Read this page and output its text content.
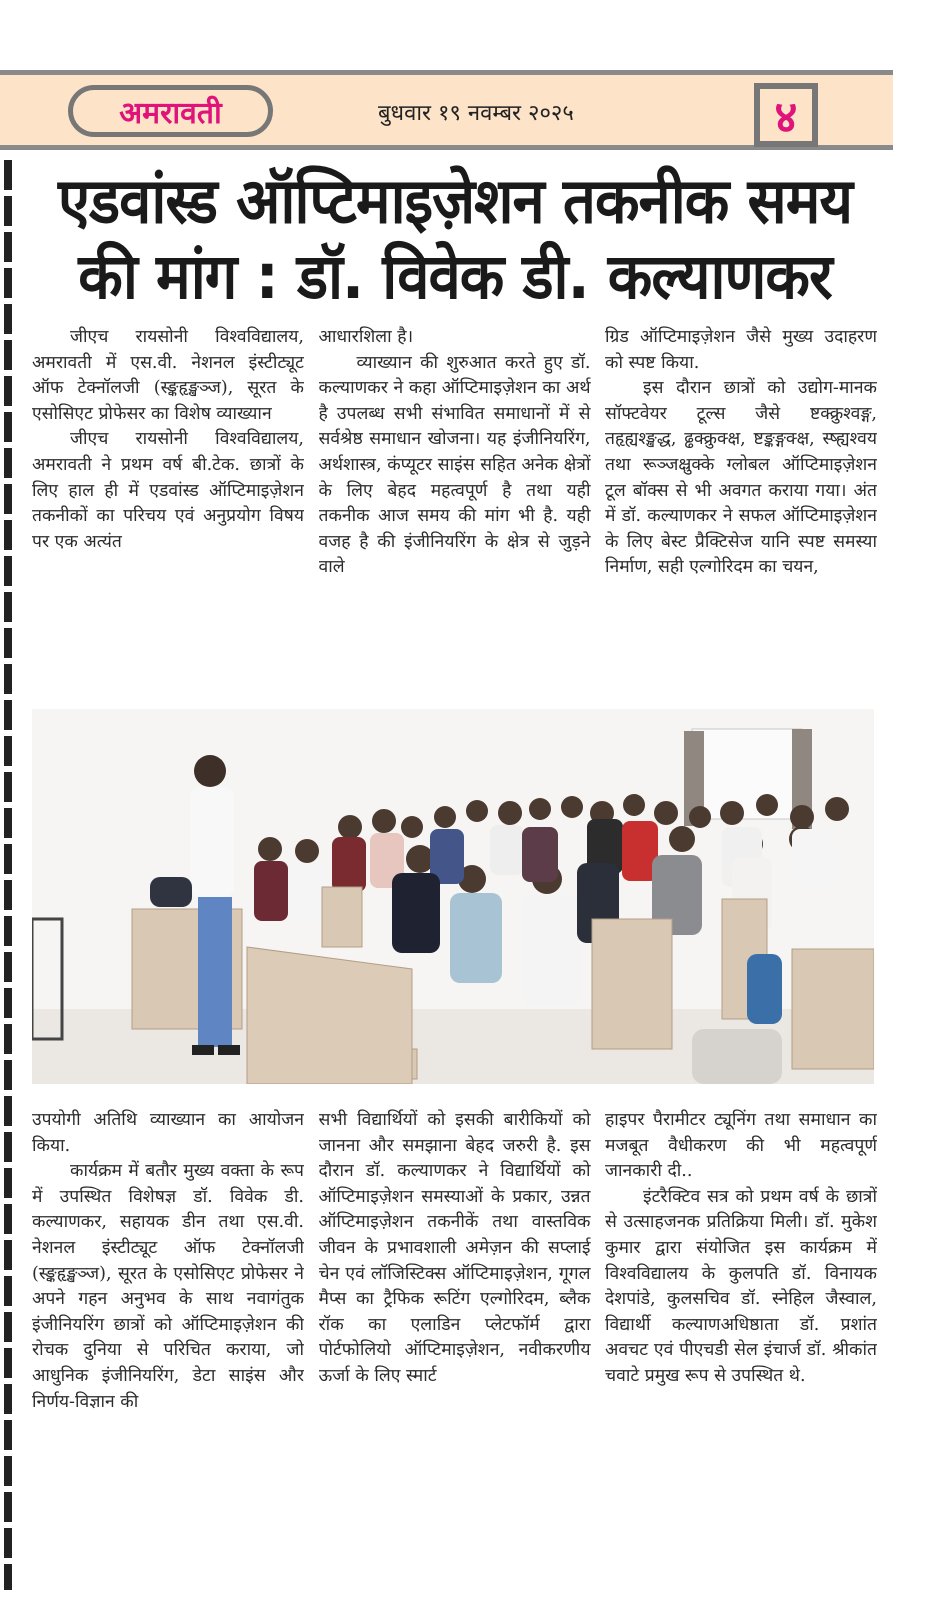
अमरावती	बुधवार १९ नवम्बर २०२५	४
एडवांस्ड ऑप्टिमाइज़ेशन तकनीक समय
की मांग : डॉ. विवेक डी. कल्याणकर

जीएच रायसोनी विश्वविद्यालय, अमरावती में एस.वी. नेशनल इंस्टीट्यूट ऑफ टेक्नॉलजी (स्ङ्कहृङ्खञ्ज), सूरत के एसोसिएट प्रोफेसर का विशेष व्याख्यान

जीएच रायसोनी विश्वविद्यालय, अमरावती ने प्रथम वर्ष बी.टेक. छात्रों के लिए हाल ही में एडवांस्ड ऑप्टिमाइज़ेशन तकनीकों का परिचय एवं अनुप्रयोग विषय पर एक अत्यंत

आधारशिला है।

व्याख्यान की शुरुआत करते हुए डॉ. कल्याणकर ने कहा ऑप्टिमाइज़ेशन का अर्थ है उपलब्ध सभी संभावित समाधानों में से सर्वश्रेष्ठ समाधान खोजना। यह इंजीनियरिंग, अर्थशास्त्र, कंप्यूटर साइंस सहित अनेक क्षेत्रों के लिए बेहद महत्वपूर्ण है तथा यही तकनीक आज समय की मांग भी है. यही वजह है की इंजीनियरिंग के क्षेत्र से जुड़ने वाले

ग्रिड ऑप्टिमाइज़ेशन जैसे मुख्य उदाहरण को स्पष्ट किया.

इस दौरान छात्रों को उद्योग-मानक सॉफ्टवेयर टूल्स जैसे ष्टक्क्रुश्वङ्ग, तहृह्यश्ङ्खद्ध, ढ्ढक्क्रुक्क्ष, ष्टङ्कङ्गक्क्ष, स्ष्ह्यश्वय तथा रूञ्जक्ष्रुक्के ग्लोबल ऑप्टिमाइज़ेशन टूल बॉक्स से भी अवगत कराया गया। अंत में डॉ. कल्याणकर ने सफल ऑप्टिमाइज़ेशन के लिए बेस्ट प्रैक्टिसेज यानि स्पष्ट समस्या निर्माण, सही एल्गोरिदम का चयन,

उपयोगी अतिथि व्याख्यान का आयोजन किया.

कार्यक्रम में बतौर मुख्य वक्ता के रूप में उपस्थित विशेषज्ञ डॉ. विवेक डी. कल्याणकर, सहायक डीन तथा एस.वी. नेशनल इंस्टीट्यूट ऑफ टेक्नॉलजी (स्ङ्कहृङ्खञ्ज), सूरत के एसोसिएट प्रोफेसर ने अपने गहन अनुभव के साथ नवागंतुक इंजीनियरिंग छात्रों को ऑप्टिमाइज़ेशन की रोचक दुनिया से परिचित कराया, जो आधुनिक इंजीनियरिंग, डेटा साइंस और निर्णय-विज्ञान की

सभी विद्यार्थियों को इसकी बारीकियों को जानना और समझाना बेहद जरुरी है. इस दौरान डॉ. कल्याणकर ने विद्यार्थियों को ऑप्टिमाइज़ेशन समस्याओं के प्रकार, उन्नत ऑप्टिमाइज़ेशन तकनीकें तथा वास्तविक जीवन के प्रभावशाली अमेज़न की सप्लाई चेन एवं लॉजिस्टिक्स ऑप्टिमाइज़ेशन, गूगल मैप्स का ट्रैफिक रूटिंग एल्गोरिदम, ब्लैक रॉक का एलाडिन प्लेटफॉर्म द्वारा पोर्टफोलियो ऑप्टिमाइज़ेशन, नवीकरणीय ऊर्जा के लिए स्मार्ट

हाइपर पैरामीटर ट्यूनिंग तथा समाधान का मजबूत वैधीकरण की भी महत्वपूर्ण जानकारी दी..

इंटरैक्टिव सत्र को प्रथम वर्ष के छात्रों से उत्साहजनक प्रतिक्रिया मिली। डॉ. मुकेश कुमार द्वारा संयोजित इस कार्यक्रम में विश्वविद्यालय के कुलपति डॉ. विनायक देशपांडे, कुलसचिव डॉ. स्नेहिल जैस्वाल, विद्यार्थी कल्याणअधिष्ठाता डॉ. प्रशांत अवचट एवं पीएचडी सेल इंचार्ज डॉ. श्रीकांत चवाटे प्रमुख रूप से उपस्थित थे.
